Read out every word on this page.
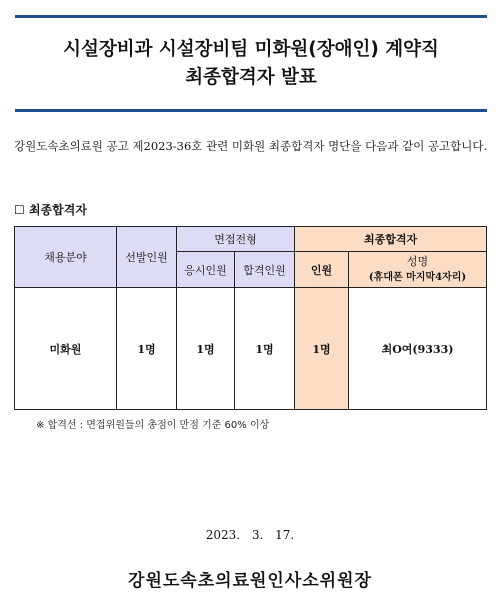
시설장비과 시설장비팀 미화원(장애인) 계약직
최종합격자 발표
강원도속초의료원 공고 제2023-36호 관련 미화원 최종합격자 명단을 다음과 같이 공고합니다.
☐ 최종합격자
채용분야	선발인원	면접전형		최종합격자	
		응시인원	합격인원	인원	성명
(휴대폰 마지막4자리)

미화원	1명	1명	1명	1명	최O여(9333)
※ 합격선 : 면접위원들의 총점이 만점 기준 60% 이상
2023. 3. 17.
강원도속초의료원인사소위원장
